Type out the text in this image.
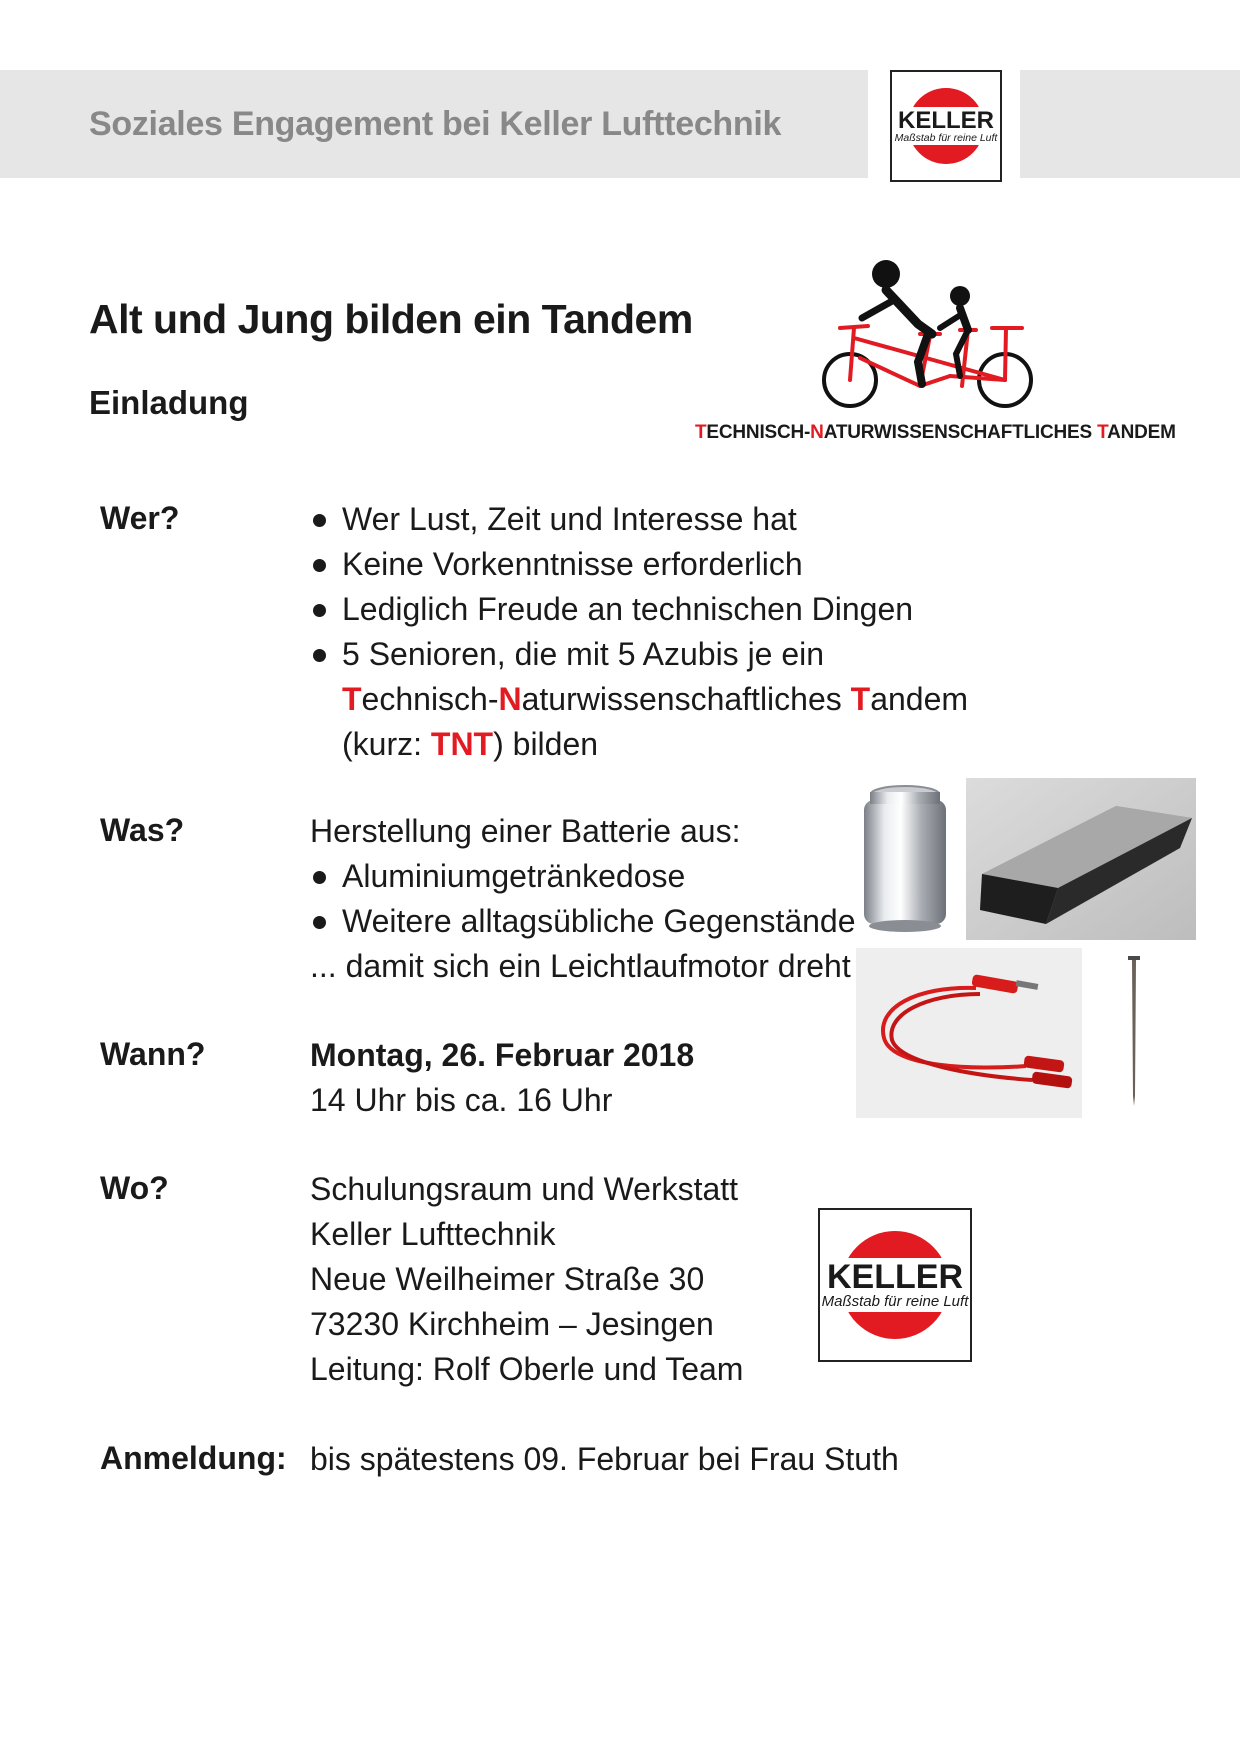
Soziales Engagement bei Keller Lufttechnik	KELLER
Maßstab für reine Luft
Alt und Jung bilden ein Tandem
Einladung
TECHNISCH-NATURWISSENSCHAFTLICHES TANDEM
Wer?	Wer Lust, Zeit und Interesse hat
Keine Vorkenntnisse erforderlich
Lediglich Freude an technischen Dingen
5 Senioren, die mit 5 Azubis je ein
Technisch-Naturwissenschaftliches Tandem
(kurz: TNT) bilden
Was?	Herstellung einer Batterie aus:
Aluminiumgetränkedose
Weitere alltagsübliche Gegenstände
... damit sich ein Leichtlaufmotor dreht
Wann?	Montag, 26. Februar 2018
14 Uhr bis ca. 16 Uhr
Wo?	Schulungsraum und Werkstatt
Keller Lufttechnik
Neue Weilheimer Straße 30
73230 Kirchheim – Jesingen
Leitung: Rolf Oberle und Team
KELLER
Maßstab für reine Luft
Anmeldung: bis spätestens 09. Februar bei Frau Stuth
